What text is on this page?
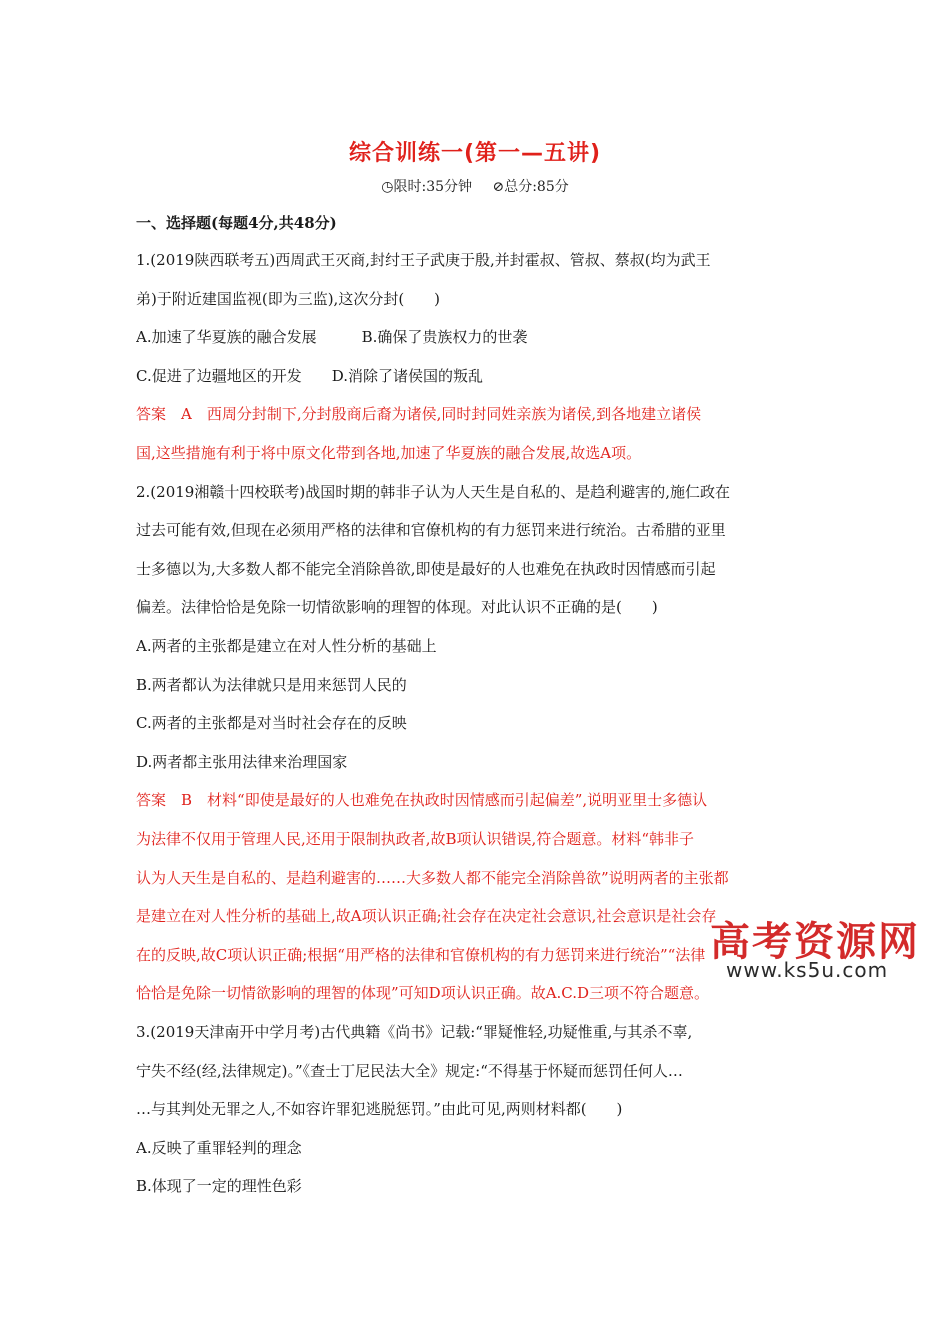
综合训练一(第一—五讲)
◷限时:35分钟 ⊘总分:85分
一、选择题(每题4分,共48分)
1.(2019陕西联考五)西周武王灭商,封纣王子武庚于殷,并封霍叔、管叔、蔡叔(均为武王
弟)于附近建国监视(即为三监),这次分封(　　)
A.加速了华夏族的融合发展　　　B.确保了贵族权力的世袭
C.促进了边疆地区的开发　　D.消除了诸侯国的叛乱
答案　A　西周分封制下,分封殷商后裔为诸侯,同时封同姓亲族为诸侯,到各地建立诸侯
国,这些措施有利于将中原文化带到各地,加速了华夏族的融合发展,故选A项。
2.(2019湘赣十四校联考)战国时期的韩非子认为人天生是自私的、是趋利避害的,施仁政在
过去可能有效,但现在必须用严格的法律和官僚机构的有力惩罚来进行统治。古希腊的亚里
士多德以为,大多数人都不能完全消除兽欲,即使是最好的人也难免在执政时因情感而引起
偏差。法律恰恰是免除一切情欲影响的理智的体现。对此认识不正确的是(　　)
A.两者的主张都是建立在对人性分析的基础上
B.两者都认为法律就只是用来惩罚人民的
C.两者的主张都是对当时社会存在的反映
D.两者都主张用法律来治理国家
答案　B　材料“即使是最好的人也难免在执政时因情感而引起偏差”,说明亚里士多德认
为法律不仅用于管理人民,还用于限制执政者,故B项认识错误,符合题意。材料“韩非子
认为人天生是自私的、是趋利避害的……大多数人都不能完全消除兽欲”说明两者的主张都
是建立在对人性分析的基础上,故A项认识正确;社会存在决定社会意识,社会意识是社会存
在的反映,故C项认识正确;根据“用严格的法律和官僚机构的有力惩罚来进行统治”“法律
恰恰是免除一切情欲影响的理智的体现”可知D项认识正确。故A.C.D三项不符合题意。
3.(2019天津南开中学月考)古代典籍《尚书》记载:“罪疑惟轻,功疑惟重,与其杀不辜,
宁失不经(经,法律规定)。”《查士丁尼民法大全》规定:“不得基于怀疑而惩罚任何人…
…与其判处无罪之人,不如容许罪犯逃脱惩罚。”由此可见,两则材料都(　　)
A.反映了重罪轻判的理念
B.体现了一定的理性色彩
高考资源网
www.ks5u.com
